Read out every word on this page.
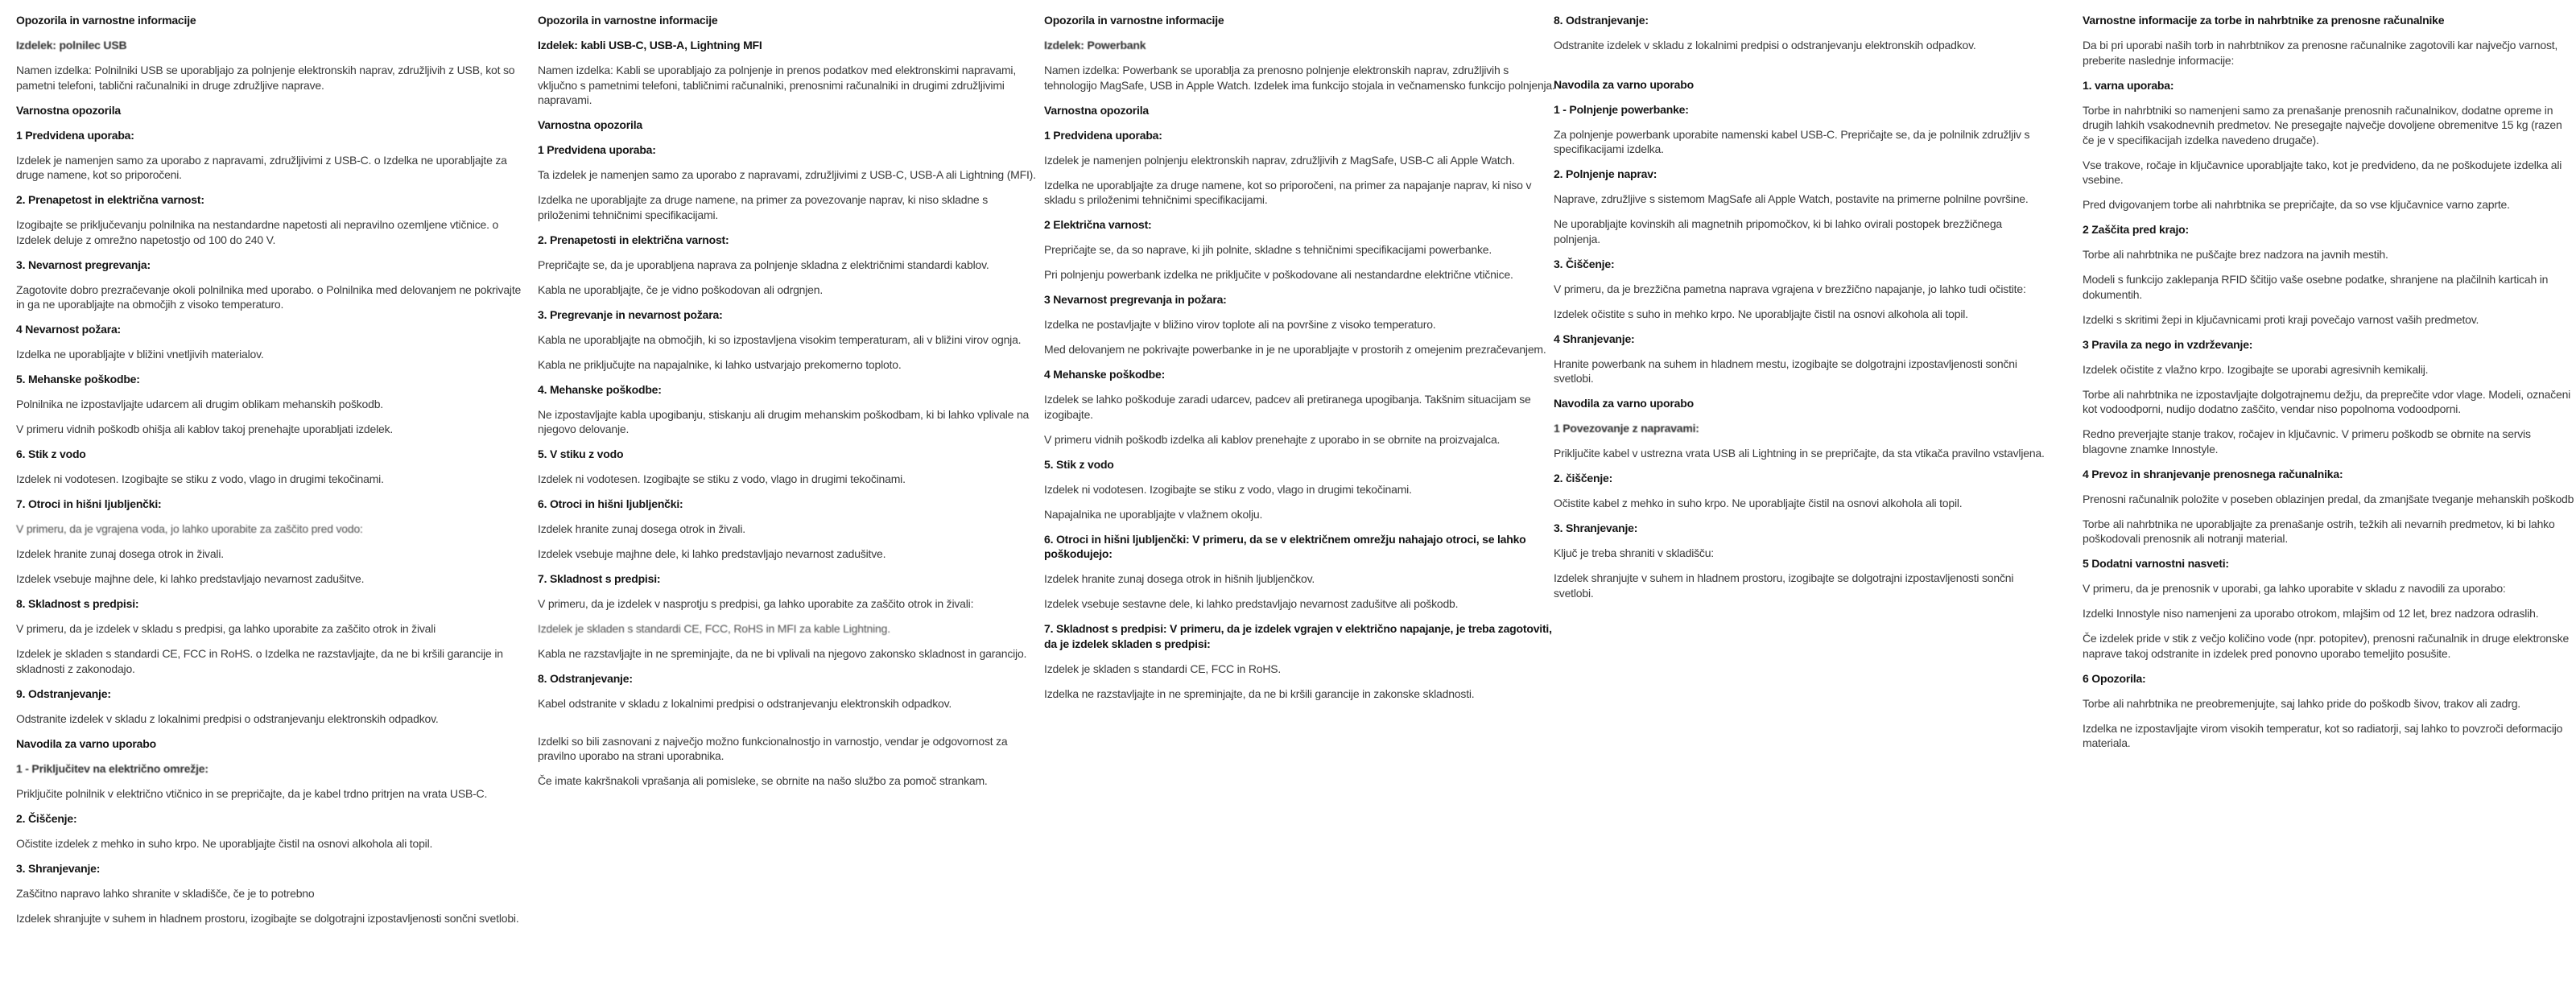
Opozorila in varnostne informacije
Izdelek: polnilec USB
Namen izdelka: Polnilniki USB se uporabljajo za polnjenje elektronskih naprav, združljivih z USB, kot so pametni telefoni, tablični računalniki in druge združljive naprave.
Varnostna opozorila
1 Predvidena uporaba:
Izdelek je namenjen samo za uporabo z napravami, združljivimi z USB-C. o Izdelka ne uporabljajte za druge namene, kot so priporočeni.
2. Prenapetost in električna varnost:
Izogibajte se priključevanju polnilnika na nestandardne napetosti ali nepravilno ozemljene vtičnice. o Izdelek deluje z omrežno napetostjo od 100 do 240 V.
3. Nevarnost pregrevanja:
Zagotovite dobro prezračevanje okoli polnilnika med uporabo. o Polnilnika med delovanjem ne pokrivajte in ga ne uporabljajte na območjih z visoko temperaturo.
4 Nevarnost požara:
Izdelka ne uporabljajte v bližini vnetljivih materialov.
5. Mehanske poškodbe:
Polnilnika ne izpostavljajte udarcem ali drugim oblikam mehanskih poškodb.
V primeru vidnih poškodb ohišja ali kablov takoj prenehajte uporabljati izdelek.
6. Stik z vodo
Izdelek ni vodotesen. Izogibajte se stiku z vodo, vlago in drugimi tekočinami.
7. Otroci in hišni ljubljenčki:
V primeru, da je vgrajena voda, jo lahko uporabite za zaščito pred vodo:
Izdelek hranite zunaj dosega otrok in živali.
Izdelek vsebuje majhne dele, ki lahko predstavljajo nevarnost zadušitve.
8. Skladnost s predpisi:
V primeru, da je izdelek v skladu s predpisi, ga lahko uporabite za zaščito otrok in živali
Izdelek je skladen s standardi CE, FCC in RoHS. o Izdelka ne razstavljajte, da ne bi kršili garancije in skladnosti z zakonodajo.
9. Odstranjevanje:
Odstranite izdelek v skladu z lokalnimi predpisi o odstranjevanju elektronskih odpadkov.
Navodila za varno uporabo
1 - Priključitev na električno omrežje:
Priključite polnilnik v električno vtičnico in se prepričajte, da je kabel trdno pritrjen na vrata USB-C.
2. Čiščenje:
Očistite izdelek z mehko in suho krpo. Ne uporabljajte čistil na osnovi alkohola ali topil.
3. Shranjevanje:
Zaščitno napravo lahko shranite v skladišče, če je to potrebno
Izdelek shranjujte v suhem in hladnem prostoru, izogibajte se dolgotrajni izpostavljenosti sončni svetlobi.
Opozorila in varnostne informacije
Izdelek: kabli USB-C, USB-A, Lightning MFI
Namen izdelka: Kabli se uporabljajo za polnjenje in prenos podatkov med elektronskimi napravami, vključno s pametnimi telefoni, tabličnimi računalniki, prenosnimi računalniki in drugimi združljivimi napravami.
Varnostna opozorila
1 Predvidena uporaba:
Ta izdelek je namenjen samo za uporabo z napravami, združljivimi z USB-C, USB-A ali Lightning (MFI).
Izdelka ne uporabljajte za druge namene, na primer za povezovanje naprav, ki niso skladne s priloženimi tehničnimi specifikacijami.
2. Prenapetosti in električna varnost:
Prepričajte se, da je uporabljena naprava za polnjenje skladna z električnimi standardi kablov.
Kabla ne uporabljajte, če je vidno poškodovan ali odrgnjen.
3. Pregrevanje in nevarnost požara:
Kabla ne uporabljajte na območjih, ki so izpostavljena visokim temperaturam, ali v bližini virov ognja.
Kabla ne priključujte na napajalnike, ki lahko ustvarjajo prekomerno toploto.
4. Mehanske poškodbe:
Ne izpostavljajte kabla upogibanju, stiskanju ali drugim mehanskim poškodbam, ki bi lahko vplivale na njegovo delovanje.
5. V stiku z vodo
Izdelek ni vodotesen. Izogibajte se stiku z vodo, vlago in drugimi tekočinami.
6. Otroci in hišni ljubljenčki:
Izdelek hranite zunaj dosega otrok in živali.
Izdelek vsebuje majhne dele, ki lahko predstavljajo nevarnost zadušitve.
7. Skladnost s predpisi:
V primeru, da je izdelek v nasprotju s predpisi, ga lahko uporabite za zaščito otrok in živali:
Izdelek je skladen s standardi CE, FCC, RoHS in MFI za kable Lightning.
Kabla ne razstavljajte in ne spreminjajte, da ne bi vplivali na njegovo zakonsko skladnost in garancijo.
8. Odstranjevanje:
Kabel odstranite v skladu z lokalnimi predpisi o odstranjevanju elektronskih odpadkov.
Izdelki so bili zasnovani z največjo možno funkcionalnostjo in varnostjo, vendar je odgovornost za pravilno uporabo na strani uporabnika.
Če imate kakršnakoli vprašanja ali pomisleke, se obrnite na našo službo za pomoč strankam.
Opozorila in varnostne informacije
Izdelek: Powerbank
Namen izdelka: Powerbank se uporablja za prenosno polnjenje elektronskih naprav, združljivih s tehnologijo MagSafe, USB in Apple Watch. Izdelek ima funkcijo stojala in večnamensko funkcijo polnjenja.
Varnostna opozorila
1 Predvidena uporaba:
Izdelek je namenjen polnjenju elektronskih naprav, združljivih z MagSafe, USB-C ali Apple Watch.
Izdelka ne uporabljajte za druge namene, kot so priporočeni, na primer za napajanje naprav, ki niso v skladu s priloženimi tehničnimi specifikacijami.
2 Električna varnost:
Prepričajte se, da so naprave, ki jih polnite, skladne s tehničnimi specifikacijami powerbanke.
Pri polnjenju powerbank izdelka ne priključite v poškodovane ali nestandardne električne vtičnice.
3 Nevarnost pregrevanja in požara:
Izdelka ne postavljajte v bližino virov toplote ali na površine z visoko temperaturo.
Med delovanjem ne pokrivajte powerbanke in je ne uporabljajte v prostorih z omejenim prezračevanjem.
4 Mehanske poškodbe:
Izdelek se lahko poškoduje zaradi udarcev, padcev ali pretiranega upogibanja. Takšnim situacijam se izogibajte.
V primeru vidnih poškodb izdelka ali kablov prenehajte z uporabo in se obrnite na proizvajalca.
5. Stik z vodo
Izdelek ni vodotesen. Izogibajte se stiku z vodo, vlago in drugimi tekočinami.
Napajalnika ne uporabljajte v vlažnem okolju.
6. Otroci in hišni ljubljenčki: V primeru, da se v električnem omrežju nahajajo otroci, se lahko poškodujejo:
Izdelek hranite zunaj dosega otrok in hišnih ljubljenčkov.
Izdelek vsebuje sestavne dele, ki lahko predstavljajo nevarnost zadušitve ali poškodb.
7. Skladnost s predpisi: V primeru, da je izdelek vgrajen v električno napajanje, je treba zagotoviti, da je izdelek skladen s predpisi:
Izdelek je skladen s standardi CE, FCC in RoHS.
Izdelka ne razstavljajte in ne spreminjajte, da ne bi kršili garancije in zakonske skladnosti.
8. Odstranjevanje:
Odstranite izdelek v skladu z lokalnimi predpisi o odstranjevanju elektronskih odpadkov.
Navodila za varno uporabo
1 - Polnjenje powerbanke:
Za polnjenje powerbank uporabite namenski kabel USB-C. Prepričajte se, da je polnilnik združljiv s specifikacijami izdelka.
2. Polnjenje naprav:
Naprave, združljive s sistemom MagSafe ali Apple Watch, postavite na primerne polnilne površine.
Ne uporabljajte kovinskih ali magnetnih pripomočkov, ki bi lahko ovirali postopek brezžičnega polnjenja.
3. Čiščenje:
V primeru, da je brezžična pametna naprava vgrajena v brezžično napajanje, jo lahko tudi očistite:
Izdelek očistite s suho in mehko krpo. Ne uporabljajte čistil na osnovi alkohola ali topil.
4 Shranjevanje:
Hranite powerbank na suhem in hladnem mestu, izogibajte se dolgotrajni izpostavljenosti sončni svetlobi.
Navodila za varno uporabo
1 Povezovanje z napravami:
Priključite kabel v ustrezna vrata USB ali Lightning in se prepričajte, da sta vtikača pravilno vstavljena.
2. čiščenje:
Očistite kabel z mehko in suho krpo. Ne uporabljajte čistil na osnovi alkohola ali topil.
3. Shranjevanje:
Ključ je treba shraniti v skladišču:
Izdelek shranjujte v suhem in hladnem prostoru, izogibajte se dolgotrajni izpostavljenosti sončni svetlobi.
Varnostne informacije za torbe in nahrbtnike za prenosne računalnike
Da bi pri uporabi naših torb in nahrbtnikov za prenosne računalnike zagotovili kar največjo varnost, preberite naslednje informacije:
1. varna uporaba:
Torbe in nahrbtniki so namenjeni samo za prenašanje prenosnih računalnikov, dodatne opreme in drugih lahkih vsakodnevnih predmetov. Ne presegajte največje dovoljene obremenitve 15 kg (razen če je v specifikacijah izdelka navedeno drugače).
Vse trakove, ročaje in ključavnice uporabljajte tako, kot je predvideno, da ne poškodujete izdelka ali vsebine.
Pred dvigovanjem torbe ali nahrbtnika se prepričajte, da so vse ključavnice varno zaprte.
2 Zaščita pred krajo:
Torbe ali nahrbtnika ne puščajte brez nadzora na javnih mestih.
Modeli s funkcijo zaklepanja RFID ščitijo vaše osebne podatke, shranjene na plačilnih karticah in dokumentih.
Izdelki s skritimi žepi in ključavnicami proti kraji povečajo varnost vaših predmetov.
3 Pravila za nego in vzdrževanje:
Izdelek očistite z vlažno krpo. Izogibajte se uporabi agresivnih kemikalij.
Torbe ali nahrbtnika ne izpostavljajte dolgotrajnemu dežju, da preprečite vdor vlage. Modeli, označeni kot vodoodporni, nudijo dodatno zaščito, vendar niso popolnoma vodoodporni.
Redno preverjajte stanje trakov, ročajev in ključavnic. V primeru poškodb se obrnite na servis blagovne znamke Innostyle.
4 Prevoz in shranjevanje prenosnega računalnika:
Prenosni računalnik položite v poseben oblazinjen predal, da zmanjšate tveganje mehanskih poškodb
Torbe ali nahrbtnika ne uporabljajte za prenašanje ostrih, težkih ali nevarnih predmetov, ki bi lahko poškodovali prenosnik ali notranji material.
5 Dodatni varnostni nasveti:
V primeru, da je prenosnik v uporabi, ga lahko uporabite v skladu z navodili za uporabo:
Izdelki Innostyle niso namenjeni za uporabo otrokom, mlajšim od 12 let, brez nadzora odraslih.
Če izdelek pride v stik z večjo količino vode (npr. potopitev), prenosni računalnik in druge elektronske naprave takoj odstranite in izdelek pred ponovno uporabo temeljito posušite.
6 Opozorila:
Torbe ali nahrbtnika ne preobremenjujte, saj lahko pride do poškodb šivov, trakov ali zadrg.
Izdelka ne izpostavljajte virom visokih temperatur, kot so radiatorji, saj lahko to povzroči deformacijo materiala.
